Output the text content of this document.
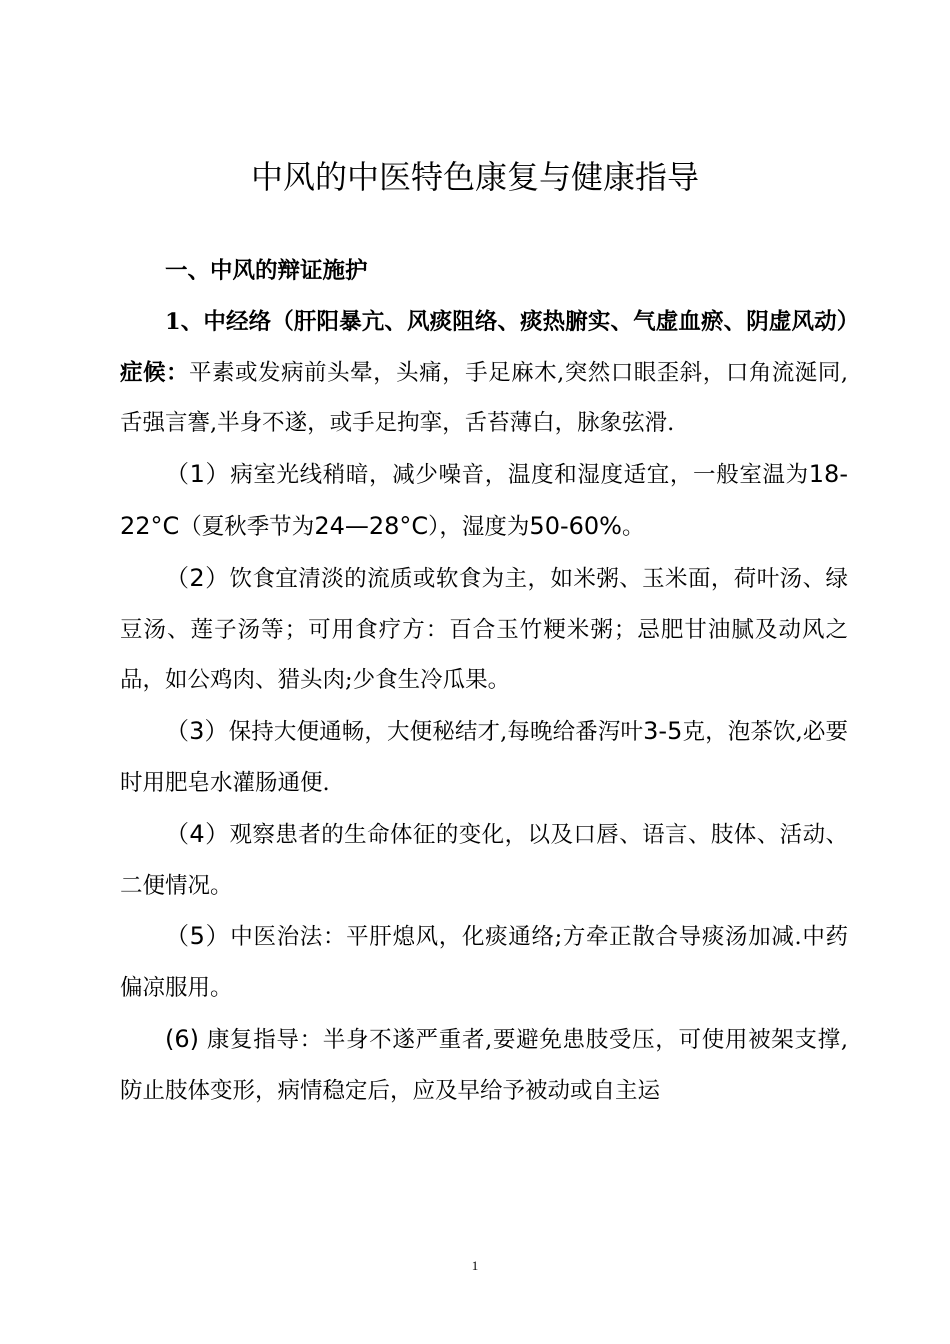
中风的中医特色康复与健康指导

一、中风的辩证施护

1、中经络（肝阳暴亢、风痰阻络、痰热腑实、气虚血瘀、阴虚风动）症候：平素或发病前头晕，头痛，手足麻木,突然口眼歪斜，口角流涎同,舌强言謇,半身不遂，或手足拘挛，舌苔薄白，脉象弦滑.

（1）病室光线稍暗，减少噪音，温度和湿度适宜，一般室温为18-22°C（夏秋季节为24—28°C），湿度为50-60%。

（2）饮食宜清淡的流质或软食为主，如米粥、玉米面，荷叶汤、绿豆汤、莲子汤等；可用食疗方：百合玉竹粳米粥；忌肥甘油腻及动风之品，如公鸡肉、猎头肉;少食生冷瓜果。

（3）保持大便通畅，大便秘结才,每晚给番泻叶3-5克，泡茶饮,必要时用肥皂水灌肠通便.

（4）观察患者的生命体征的变化，以及口唇、语言、肢体、活动、二便情况。

（5）中医治法：平肝熄风，化痰通络;方牵正散合导痰汤加减.中药偏凉服用。

(6) 康复指导：半身不遂严重者,要避免患肢受压，可使用被架支撑,防止肢体变形，病情稳定后，应及早给予被动或自主运

1
